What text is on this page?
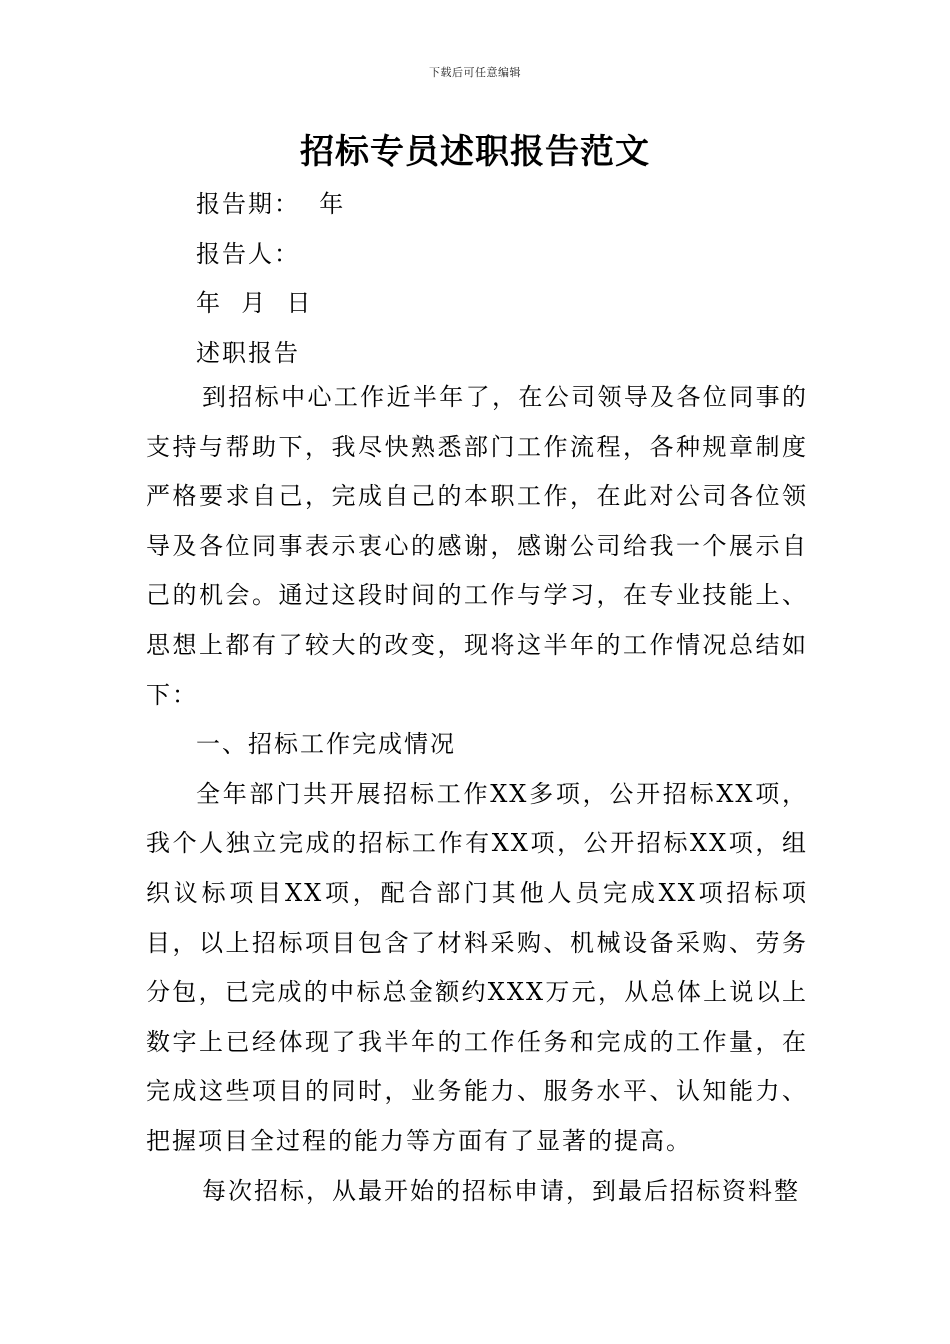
下载后可任意编辑
招标专员述职报告范文
报告期：  年
报告人：
年  月  日
述职报告

到招标中心工作近半年了，在公司领导及各位同事的支持与帮助下，我尽快熟悉部门工作流程，各种规章制度严格要求自己，完成自己的本职工作，在此对公司各位领导及各位同事表示衷心的感谢，感谢公司给我一个展示自己的机会。通过这段时间的工作与学习，在专业技能上、思想上都有了较大的改变，现将这半年的工作情况总结如下：

一、招标工作完成情况

全年部门共开展招标工作XX多项，公开招标XX项，我个人独立完成的招标工作有XX项，公开招标XX项，组织议标项目XX项，配合部门其他人员完成XX项招标项目，以上招标项目包含了材料采购、机械设备采购、劳务分包，已完成的中标总金额约XXX万元，从总体上说以上数字上已经体现了我半年的工作任务和完成的工作量，在完成这些项目的同时，业务能力、服务水平、认知能力、把握项目全过程的能力等方面有了显著的提高。

每次招标，从最开始的招标申请，到最后招标资料整
